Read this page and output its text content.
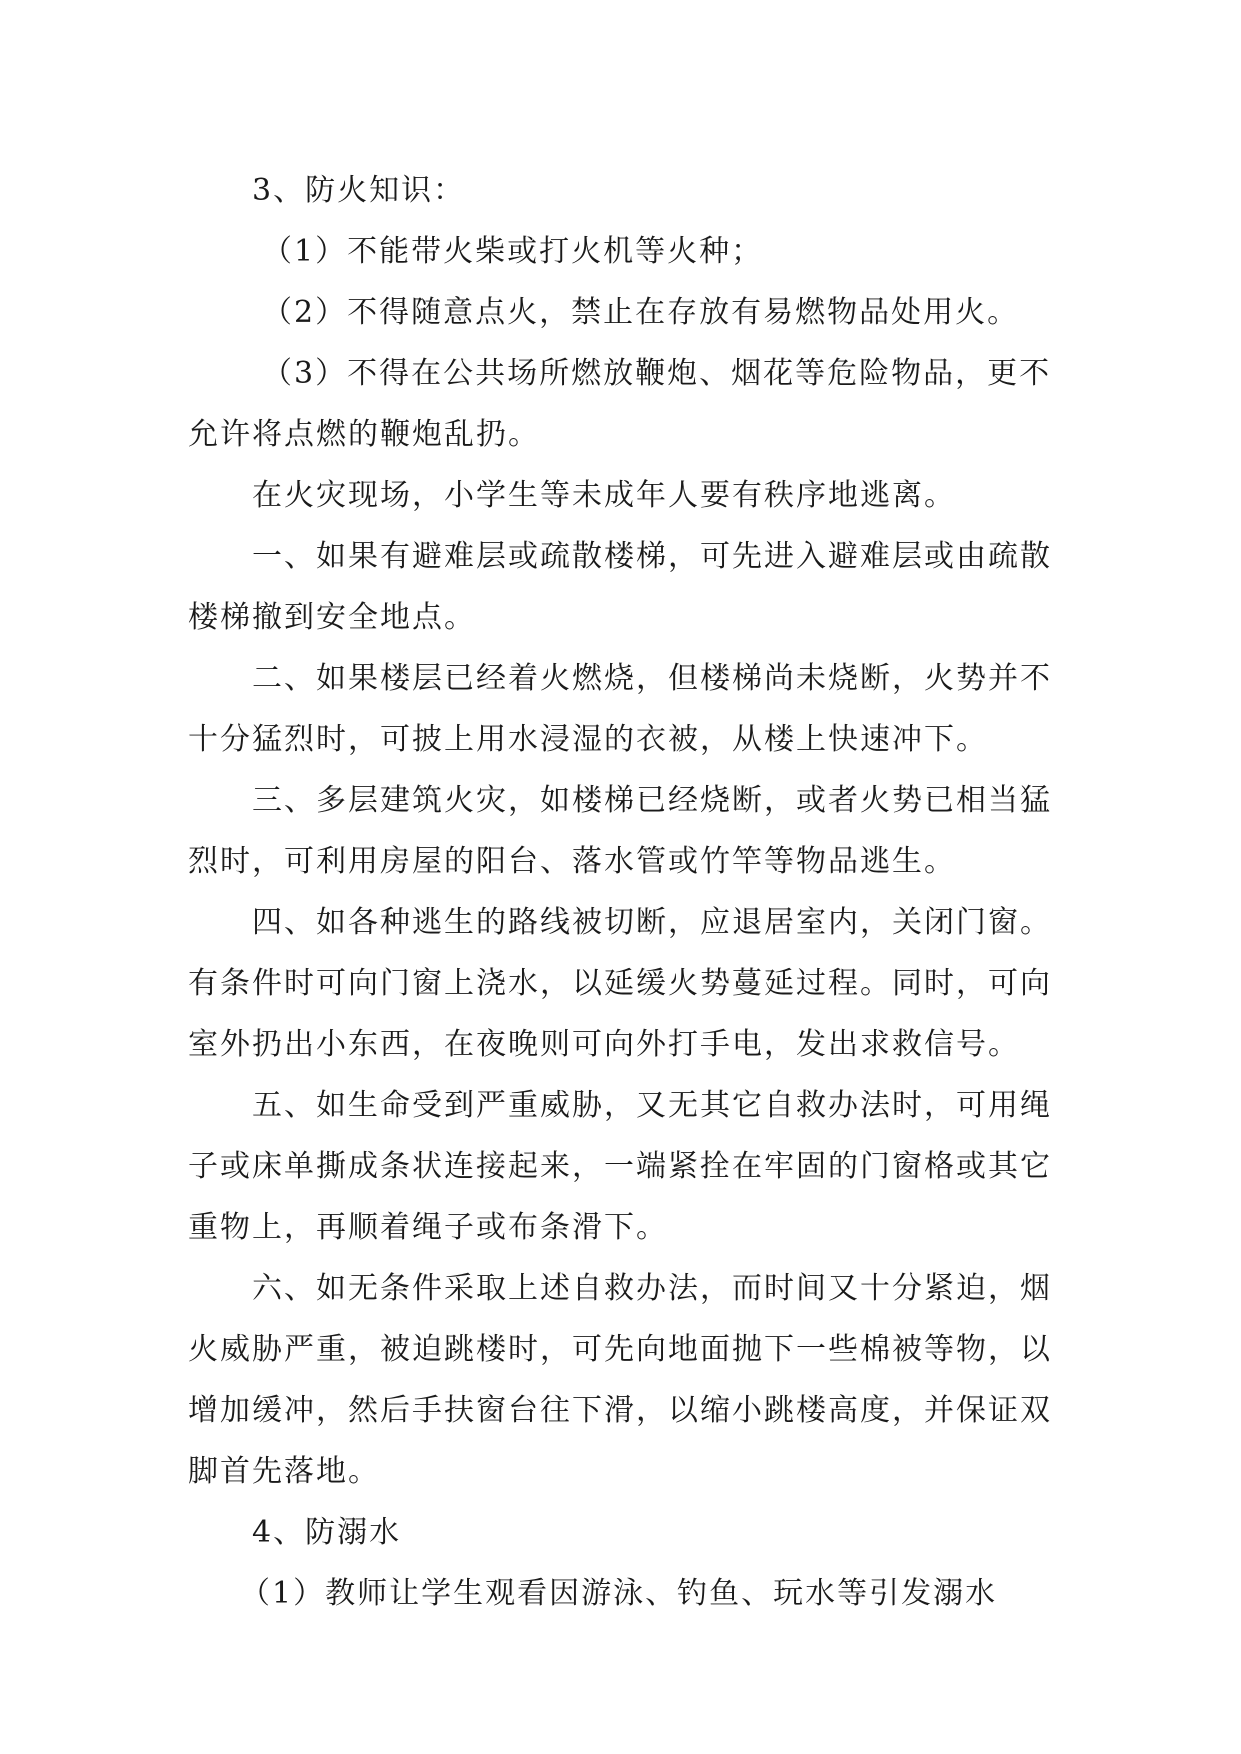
3、防火知识：

（1）不能带火柴或打火机等火种；

（2）不得随意点火，禁止在存放有易燃物品处用火。

（3）不得在公共场所燃放鞭炮、烟花等危险物品，更不允许将点燃的鞭炮乱扔。

在火灾现场，小学生等未成年人要有秩序地逃离。

一、如果有避难层或疏散楼梯，可先进入避难层或由疏散楼梯撤到安全地点。

二、如果楼层已经着火燃烧，但楼梯尚未烧断，火势并不十分猛烈时，可披上用水浸湿的衣被，从楼上快速冲下。

三、多层建筑火灾，如楼梯已经烧断，或者火势已相当猛烈时，可利用房屋的阳台、落水管或竹竿等物品逃生。

四、如各种逃生的路线被切断，应退居室内，关闭门窗。有条件时可向门窗上浇水，以延缓火势蔓延过程。同时，可向室外扔出小东西，在夜晚则可向外打手电，发出求救信号。

五、如生命受到严重威胁，又无其它自救办法时，可用绳子或床单撕成条状连接起来，一端紧拴在牢固的门窗格或其它重物上，再顺着绳子或布条滑下。

六、如无条件采取上述自救办法，而时间又十分紧迫，烟火威胁严重，被迫跳楼时，可先向地面抛下一些棉被等物，以增加缓冲，然后手扶窗台往下滑，以缩小跳楼高度，并保证双脚首先落地。

4、防溺水

（1）教师让学生观看因游泳、钓鱼、玩水等引发溺水
